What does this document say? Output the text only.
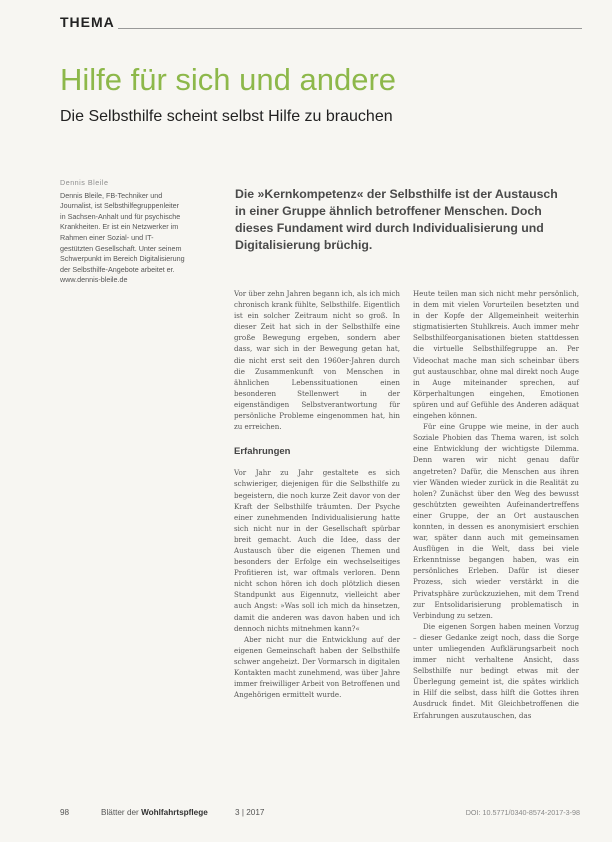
THEMA
Hilfe für sich und andere
Die Selbsthilfe scheint selbst Hilfe zu brauchen
Dennis Bleile
Dennis Bleile, FB-Techniker und Journalist, ist Selbsthilfegruppenleiter in Sachsen-Anhalt und für psychische Krankheiten. Er ist ein Netzwerker im Rahmen einer Sozial- und IT-gestützten Gesellschaft. Unter seinem Schwerpunkt im Bereich Digitalisierung der Selbsthilfe-Angebote arbeitet er.
www.dennis-bleile.de
Die »Kernkompetenz« der Selbsthilfe ist der Austausch in einer Gruppe ähnlich betroffener Menschen. Doch dieses Fundament wird durch Individualisierung und Digitalisierung brüchig.

Vor über zehn Jahren begann ich, als ich mich chronisch krank fühlte, Selbsthilfe. Eigentlich ist ein solcher Zeitraum nicht so groß. In dieser Zeit hat sich in der Selbsthilfe eine große Bewegung ergeben, sondern aber dass, war sich in der Bewegung getan hat, die nicht erst seit den 1960er-Jahren durch die Zusammenkunft von Menschen in ähnlichen Lebenssituationen einen besonderen Stellenwert in der eigenständigen Selbstverantwortung für persönliche Probleme eingenommen hat, hin zu erreichen.

Erfahrungen

Vor Jahr zu Jahr gestaltete es sich schwieriger, diejenigen für die Selbsthilfe zu begeistern, die noch kurze Zeit davor von der Kraft der Selbsthilfe träumten. Der Psyche einer zunehmenden Individualisierung hatte sich nicht nur in der Gesellschaft spürbar breit gemacht. Auch die Idee, dass der Austausch über die eigenen Themen und besonders der Erfolge ein wechselseitiges Profitieren ist, war oftmals verloren. Denn nicht schon hören ich doch plötzlich diesen Standpunkt aus Eigennutz, vielleicht aber auch Angst: »Was soll ich mich da hinsetzen, damit die anderen was davon haben und ich dennoch nichts mitnehmen kann?«

Aber nicht nur die Entwicklung auf der eigenen Gemeinschaft haben der Selbsthilfe schwer angeheizt. Der Vormarsch in digitalen Kontakten macht zunehmend, was über Jahre immer freiwilliger Arbeit von Betroffenen und Angehörigen ermittelt wurde.

Heute teilen man sich nicht mehr persönlich, in dem mit vielen Vorurteilen besetzten und in der Kopfe der Allgemeinheit weiterhin stigmatisierten Stuhlkreis. Auch immer mehr Selbsthilfeorganisationen bieten stattdessen die virtuelle Selbsthilfegruppe an. Per Videochat mache man sich scheinbar übers gut austauschbar, ohne mal direkt noch Auge in Auge miteinander sprechen, auf Körperhaltungen eingehen, Emotionen spüren und auf Gefühle des Anderen adäquat eingehen können.

Für eine Gruppe wie meine, in der auch Soziale Phobien das Thema waren, ist solch eine Entwicklung der wichtigste Dilemma. Denn waren wir nicht genau dafür angetreten? Dafür, die Menschen aus ihren vier Wänden wieder zurück in die Realität zu holen? Zunächst über den Weg des bewusst geschützten geweihten Aufeinandertreffens einer Gruppe, der an Ort austauschen konnten, in dessen es anonymisiert erschien war, später dann auch mit gemeinsamen Ausflügen in die Welt, dass bei viele Erkenntnisse begangen haben, was ein persönliches Erleben. Dafür ist dieser Prozess, sich wieder verstärkt in die Privatsphäre zurückzuziehen, mit dem Trend zur Entsolidarisierung problematisch in Verbindung zu setzen.

Die eigenen Sorgen haben meinen Vorzug – dieser Gedanke zeigt noch, dass die Sorge unter umliegenden Aufklärungsarbeit noch immer nicht verhaltene Ansicht, dass Selbsthilfe nur bedingt etwas mit der Überlegung gemeint ist, die spätes wirklich in Hilf die selbst, dass hilft die Gottes ihren Ausdruck findet. Mit Gleichbetroffenen die Erfahrungen auszutauschen, das

98	Blätter der Wohlfahrtspflege	3 | 2017	DOI: 10.5771/0340-8574-2017-3-98
